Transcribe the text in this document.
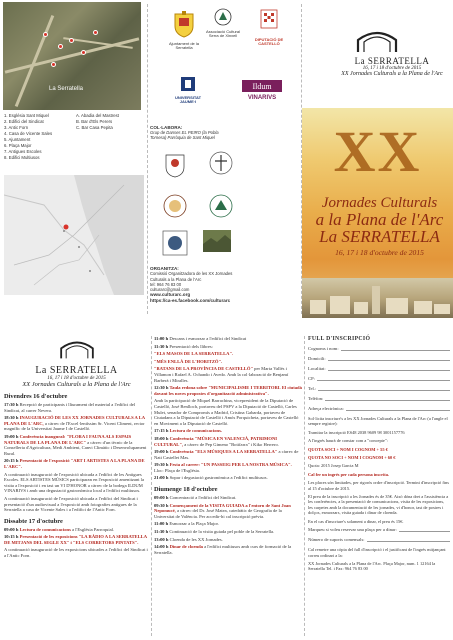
La Serratella
1. Església Sant Miquel
2. Edifici del Sindicat
3. Antic Forn
4. Casa de Vicente Sales
5. Ajuntament
6. Plaça Major
7. Antigues Escoles
8. Edifici Multiusos
A. Abadia del Mastrest
B. Bar d'Els Perers
C. Bar Casa Pepita
Ajuntament de la Serratella
Associació Cultural Serra de Xinxell
DIPUTACIÓ DE CASTELLÓ
UNIVERSITAT JAUME·I
Ildum
VINARIVS
COL·LABORA:
Grup de Danses EL PEIRO (la Pobla Tornesa) Parròquia de Sant Miquel
ORGANITZA:
Comissió Organitzadora de les XX Jornades Culturals a la Plana de l'Arc
tel: 964 76 83 00
culturarc@gmail.com
www.culturarc.org
https://ca-es.facebook.com/culturarc
La SERRATELLA
16, 17 i 18 d'octubre de 2015
XX Jornades Culturals a la Plana de l'Arc
XX
Jornades Culturals
a la Plana de l'Arc
La SERRATELLA
16, 17 i 18 d'octubre de 2015
La SERRATELLA
16, 17 i 18 d'octubre de 2015
XX Jornades Culturals a la Plana de l'Arc
Divendres 16 d'octubre
17:30 h Recepció de participants i lliurament del material a l'edifici del Sindicat, al carrer Nevera.
18:30 h INAUGURACIÓ DE LES XX JORNADES CULTURALS A LA PLANA DE L'ARC, a càrrec de l'Excel·lentíssim Sr. Vicent Climent, rector magnífic de la Universitat Jaume I de Castelló.
19:00 h Conferència inaugural: "FLORA I FAUNA ALS ESPAIS NATURALS DE LA PLANA DE L'ARC" a càrrec d'un tècnic de la Conselleria d'Agricultura, Medi Ambient, Canvi Climàtic i Desenvolupament Rural.
20:15 h Presentació de l'exposició "ART I ARTISTES A LA PLANA DE L'ARC".
A continuació inauguració de l'exposició ubicada a l'edifici de les Antigues Escoles. ELS ARTISTES MÚSICS participaran en l'exposició amenitzant la visita a l'exposició i en tast un VI D'HONOR a càrrec de la bodega ILDUM VINARIVS i amb una degustació gastronòmica local a l'edifici multiusos.
A continuació inauguració de l'exposició ubicada a l'edifici del Sindicat i presentació d'un audiovisual a l'exposició amb fotografies antigues de la Serratella a casa de Vicente Sales i a l'edifici de l'Antic Forn.
Dissabte 17 d'octubre
09:00 h Lectura de comunicacions a l'Església Parroquial.
10:15 h Presentació de les exposicions "LA RÀDIO A LA SERRATELLA DE MITJANS DEL SEGLE XX" i "ELS CORRETORS PINTATS".
A continuació inauguració de les exposicions ubicades a l'edifici del Sindicat i a l'Antic Forn.
11:00 h Descans i esmorzar a l'edifici del Sindicat
11:30 h Presentació dels llibres:
"ELS MASOS DE LA SERRATELLA".
"MÉS ENLLÀ DE L'HORITZÓ".
"BATANS DE LA PROVÍNCIA DE CASTELLÓ" per Marta Vallés i Villamon i Rafael A. Ochando i Avedo. Amb la col·laboració de Benjamí Barberà i Miralles.
12:30 h Taula redona sobre "MUNICIPALISME I TERRITORI. El ciutadà davant les noves propostes d'organització administrativa".
Amb la participació de Miquel Barrachina, vicepresident de la Diputació de Castelló, José Benlloch, portaveu del PSPV a la Diputació de Castelló, Carles Mulet, senador de Compromís a Madrid, Cristina Gabarda, portaveu de Ciutadans a la Diputació de Castelló i Amós Porquicheta, portaveu de Castelló en Moviment a la Diputació de Castelló.
17:15 h Lectura de comunicacions.
18:00 h Conferència "MÚSICA EN VALENCIÀ, PATRIMONI CULTURAL", a càrrec de Pep Gimeno "Botifarra" i Kiko Herrero.
19:00 h Conferència "ELS MÚSIQUES A LA SERRATELLA" a càrrec de Nati Castellet Mas.
19:30 h Festa al carrer: "UN PASSEIG PER LA NOSTRA MÚSICA". Lloc: Plaça de l'Església.
21:00 h Sopar i degustació gastronòmica a l'edifici multiusos.
Diumenge 18 d'octubre
09:00 h Concentració a l'edifici del Sindicat.
09:30 h Començament de la VISITA GUIADA a l'entorn de Sant Joan Nepomucé, a càrrec del Dr. José Matea, catedràtic de Geografia de la Universitat de València. Per accedir-hi cal inscripció prèvia.
11:00 h Esmorzar a la Plaça Major.
11:30 h Continuació de la visita guiada pel poble de la Serratella.
13:00 h Cloenda de les XX Jornades.
14:00 h Dinar de cloenda a l'edifici multiusos amb curs de formació de la Serratella.
FULL D'INSCRIPCIÓ
Cognoms i nom:
Domicili:
Localitat:
CP:
Tel.:
Telèfon:
Adreça electrònica:

Sol·licita inscriure's a les XX Jornades Culturals a la Plana de l'Arc (a l'angle el sempre registre):

Tramitar la inscripció ES48 2038 9609 98 3001157776

A l'ingrés haurà de constar com a "concepte":

QUOTA SOCI + NOM I COGNOM + 55 €

QUOTA NO SOCI + NOM I COGNOM + 60 €

Quota: 2015 Josep Garcia M

Cal fer un ingrés per cada persona inscrita.

Les places són limitades, per rigorós ordre d'inscripció. Termini d'inscripció fins al 15 d'octubre de 2015.

El preu de la inscripció a les Jornades és de 35€. Això dóna dret a l'assistència a les conferències, a la presentació de comunicacions, visita de les exposicions, les carpetes amb la documentació de les jornades, vi d'honor, tast de postres i dolços, esmorzars, visita guiada i dinar de cloenda.

En el cas d'inscriure's solament a dinar, el preu és 15€.

Marqueu si voleu reservar una plaça per a dinar:
Número de suports comensals:

Cal remetre una còpia del full d'inscripció i el justificant de l'ingrés mitjançant correu ordinari a la:

XX Jornades Culturals a la Plana de l'Arc. Plaça Major, num. 1 12164 la Serratella Tel. i Fax: 964 76 83 00
